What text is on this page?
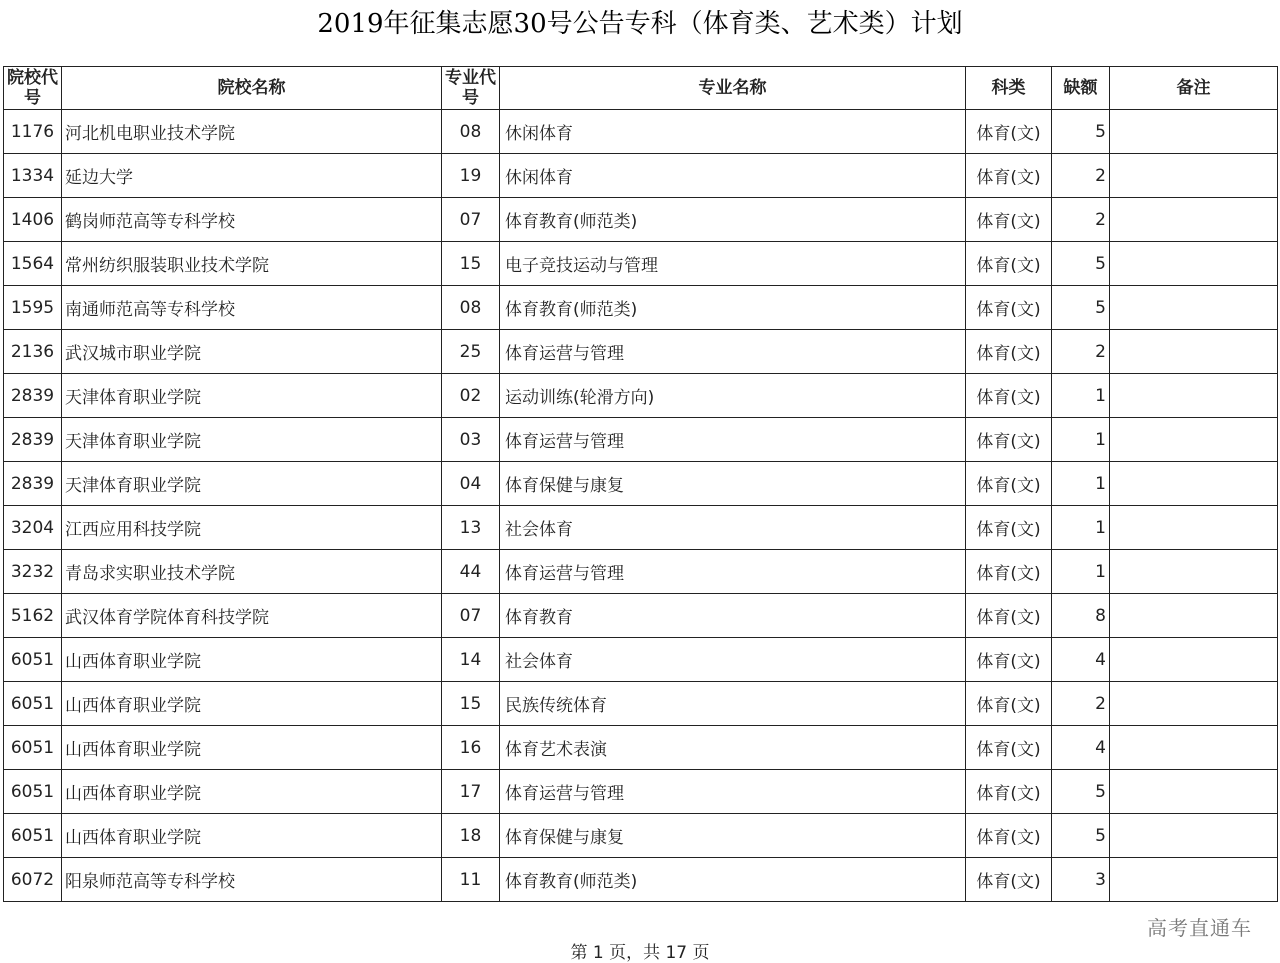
2019年征集志愿30号公告专科（体育类、艺术类）计划
院校代号	院校名称	专业代号	专业名称	科类	缺额	备注
1176	河北机电职业技术学院	08	休闲体育	体育(文)	5	
1334	延边大学	19	休闲体育	体育(文)	2	
1406	鹤岗师范高等专科学校	07	体育教育(师范类)	体育(文)	2	
1564	常州纺织服装职业技术学院	15	电子竞技运动与管理	体育(文)	5	
1595	南通师范高等专科学校	08	体育教育(师范类)	体育(文)	5	
2136	武汉城市职业学院	25	体育运营与管理	体育(文)	2	
2839	天津体育职业学院	02	运动训练(轮滑方向)	体育(文)	1	
2839	天津体育职业学院	03	体育运营与管理	体育(文)	1	
2839	天津体育职业学院	04	体育保健与康复	体育(文)	1	
3204	江西应用科技学院	13	社会体育	体育(文)	1	
3232	青岛求实职业技术学院	44	体育运营与管理	体育(文)	1	
5162	武汉体育学院体育科技学院	07	体育教育	体育(文)	8	
6051	山西体育职业学院	14	社会体育	体育(文)	4	
6051	山西体育职业学院	15	民族传统体育	体育(文)	2	
6051	山西体育职业学院	16	体育艺术表演	体育(文)	4	
6051	山西体育职业学院	17	体育运营与管理	体育(文)	5	
6051	山西体育职业学院	18	体育保健与康复	体育(文)	5	
6072	阳泉师范高等专科学校	11	体育教育(师范类)	体育(文)	3	
高考直通车
第 1 页，共 17 页
